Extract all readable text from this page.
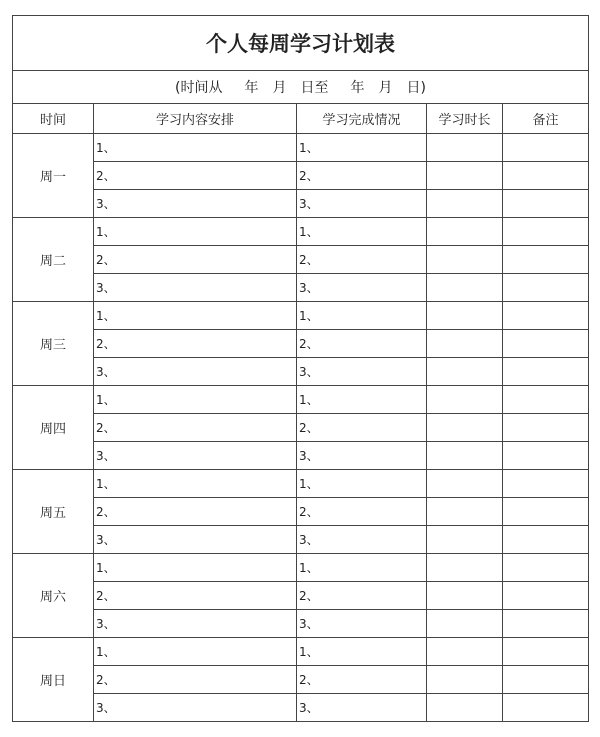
个人每周学习计划表				
(时间从 年 月 日至 年 月 日)				
时间	学习内容安排	学习完成情况	学习时长	备注
周一	1、	1、		
	2、	2、		
	3、	3、		
周二	1、	1、		
	2、	2、		
	3、	3、		
周三	1、	1、		
	2、	2、		
	3、	3、		
周四	1、	1、		
	2、	2、		
	3、	3、		
周五	1、	1、		
	2、	2、		
	3、	3、		
周六	1、	1、		
	2、	2、		
	3、	3、		
周日	1、	1、		
	2、	2、		
	3、	3、		
